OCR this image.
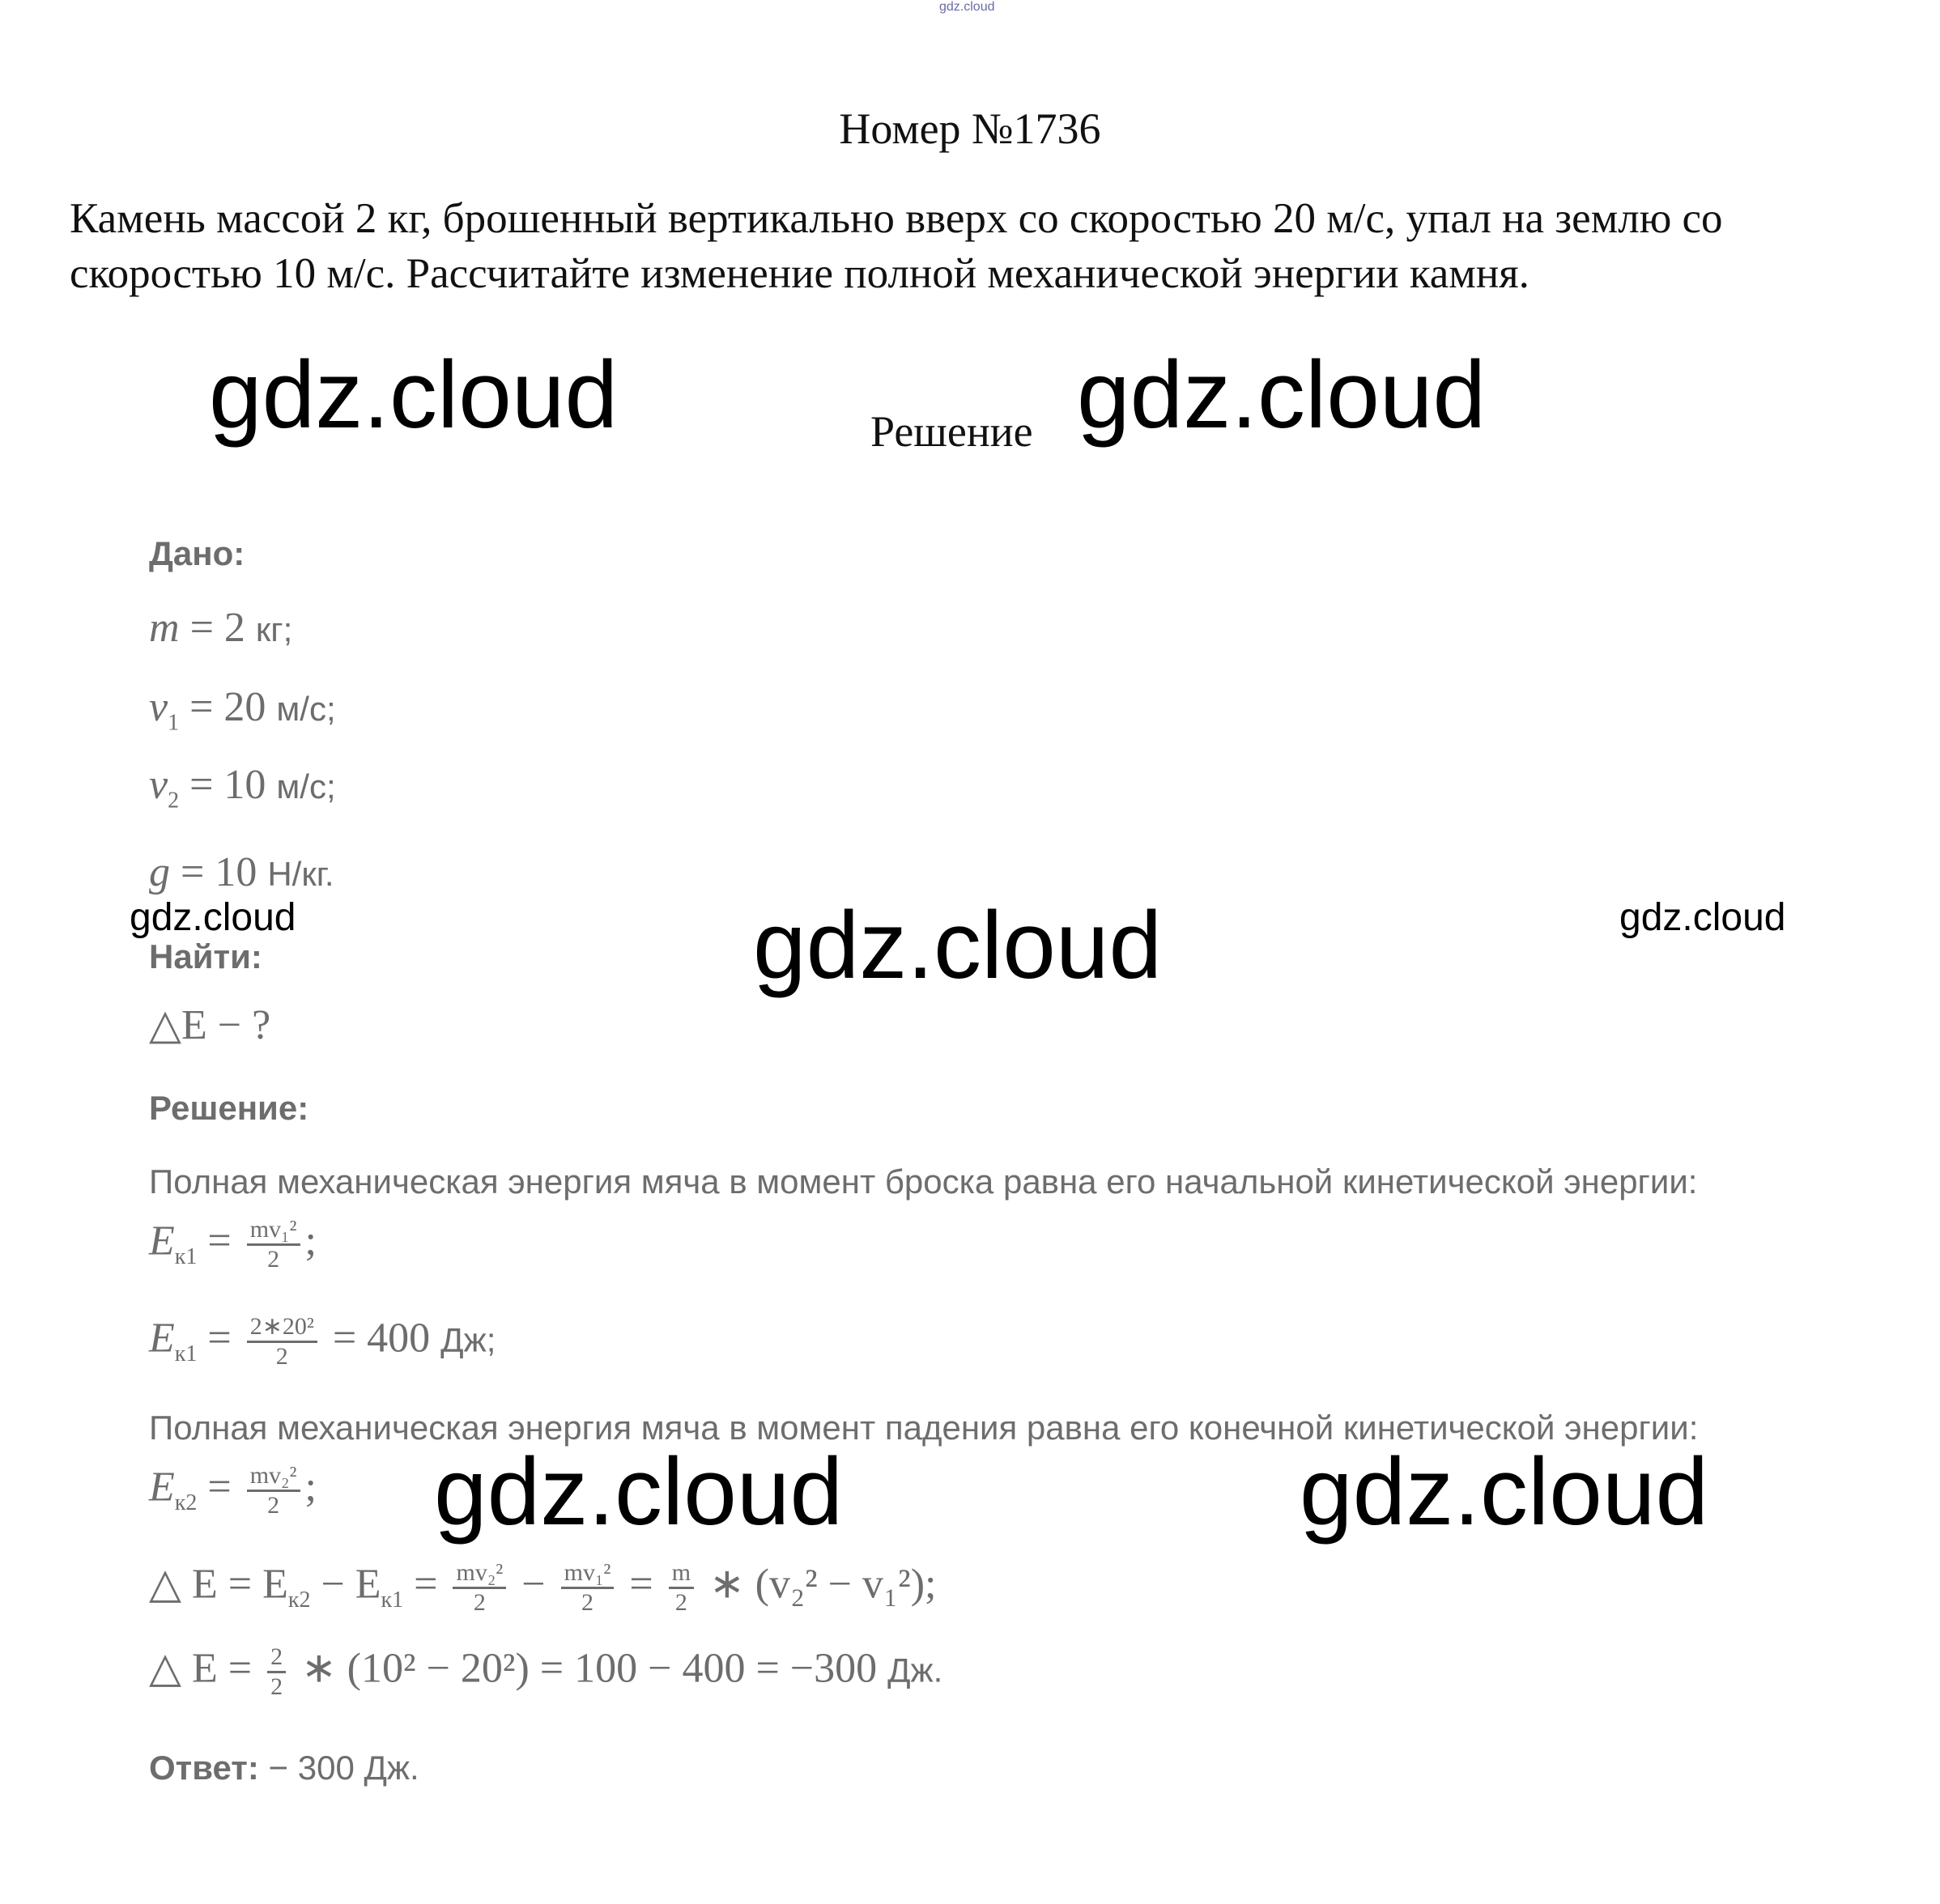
gdz.cloud
Номер №1736
Камень массой 2 кг, брошенный вертикально вверх со скоростью 20 м/с, упал на землю со скоростью 10 м/с. Рассчитайте изменение полной механической энергии камня.
Решение
gdz.cloud	gdz.cloud
gdz.cloud	gdz.cloud	gdz.cloud
gdz.cloud	gdz.cloud
Дано:
m = 2 кг;
$v_1 = 20$ м/с;
$v_2 = 10$ м/с;
g = 10 Н/кг.
Найти:
△E − ?
Решение:
Полная механическая энергия мяча в момент броска равна его начальной кинетической энергии:
$E_{к1} = \frac{\text{mv₁²}}{2}$ ;
$E_{к1} = \frac{\text{2∗20²}}{2} = 400$ Дж;
Полная механическая энергия мяча в момент падения равна его конечной кинетической энергии:
$E_{к2} = \frac{\text{mv₂²}}{2}$ ;
△ $E = E_{к2} - E_{к1} = \frac{\text{mv₂²}}{2} - \frac{\text{mv₁²}}{2} = \frac{m}{2}$ ∗ (v₂² − v₁²);
△ $E = \frac{2}{2}$ ∗ (10² − 20²) = 100 − 400 = −300 Дж.
Ответ: − 300 Дж.
